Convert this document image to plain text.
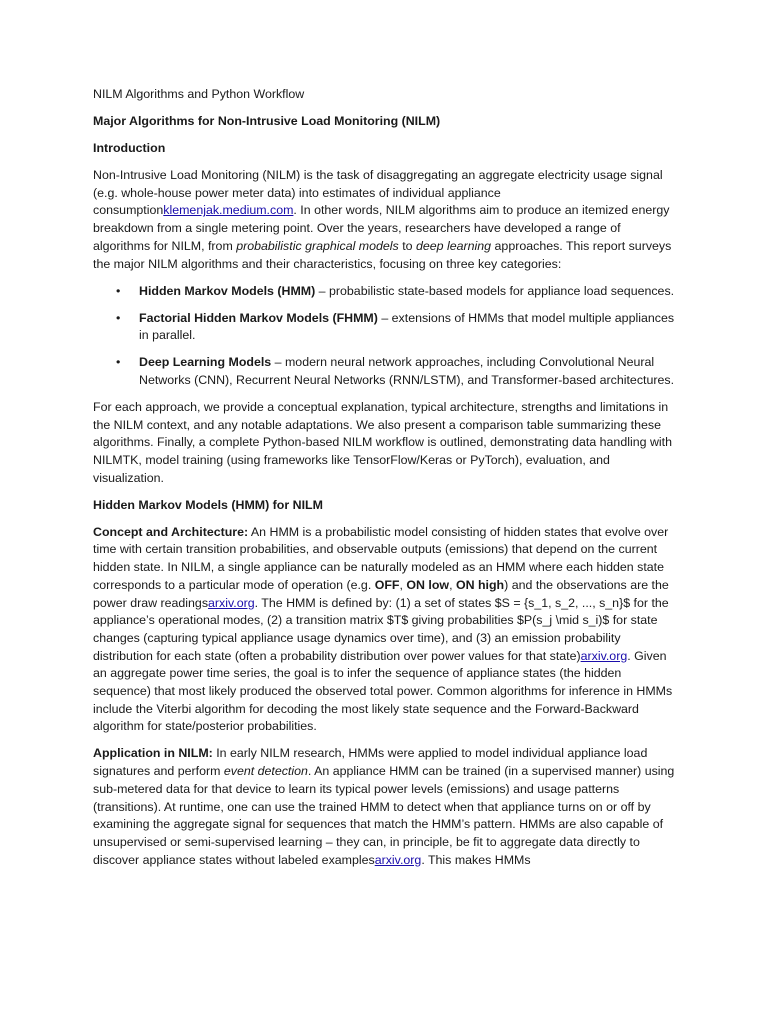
NILM Algorithms and Python Workflow

Major Algorithms for Non-Intrusive Load Monitoring (NILM)

Introduction

Non-Intrusive Load Monitoring (NILM) is the task of disaggregating an aggregate electricity usage signal (e.g. whole-house power meter data) into estimates of individual appliance consumptionklemenjak.medium.com. In other words, NILM algorithms aim to produce an itemized energy breakdown from a single metering point. Over the years, researchers have developed a range of algorithms for NILM, from probabilistic graphical models to deep learning approaches. This report surveys the major NILM algorithms and their characteristics, focusing on three key categories:

• Hidden Markov Models (HMM) – probabilistic state-based models for appliance load sequences.
• Factorial Hidden Markov Models (FHMM) – extensions of HMMs that model multiple appliances in parallel.
• Deep Learning Models – modern neural network approaches, including Convolutional Neural Networks (CNN), Recurrent Neural Networks (RNN/LSTM), and Transformer-based architectures.

For each approach, we provide a conceptual explanation, typical architecture, strengths and limitations in the NILM context, and any notable adaptations. We also present a comparison table summarizing these algorithms. Finally, a complete Python-based NILM workflow is outlined, demonstrating data handling with NILMTK, model training (using frameworks like TensorFlow/Keras or PyTorch), evaluation, and visualization.

Hidden Markov Models (HMM) for NILM

Concept and Architecture: An HMM is a probabilistic model consisting of hidden states that evolve over time with certain transition probabilities, and observable outputs (emissions) that depend on the current hidden state. In NILM, a single appliance can be naturally modeled as an HMM where each hidden state corresponds to a particular mode of operation (e.g. OFF, ON low, ON high) and the observations are the power draw readingsarxiv.org. The HMM is defined by: (1) a set of states $S = {s_1, s_2, ..., s_n}$ for the appliance’s operational modes, (2) a transition matrix $T$ giving probabilities $P(s_j \mid s_i)$ for state changes (capturing typical appliance usage dynamics over time), and (3) an emission probability distribution for each state (often a probability distribution over power values for that state)arxiv.org. Given an aggregate power time series, the goal is to infer the sequence of appliance states (the hidden sequence) that most likely produced the observed total power. Common algorithms for inference in HMMs include the Viterbi algorithm for decoding the most likely state sequence and the Forward-Backward algorithm for state/posterior probabilities.

Application in NILM: In early NILM research, HMMs were applied to model individual appliance load signatures and perform event detection. An appliance HMM can be trained (in a supervised manner) using sub-metered data for that device to learn its typical power levels (emissions) and usage patterns (transitions). At runtime, one can use the trained HMM to detect when that appliance turns on or off by examining the aggregate signal for sequences that match the HMM’s pattern. HMMs are also capable of unsupervised or semi-supervised learning – they can, in principle, be fit to aggregate data directly to discover appliance states without labeled examplesarxiv.org. This makes HMMs
